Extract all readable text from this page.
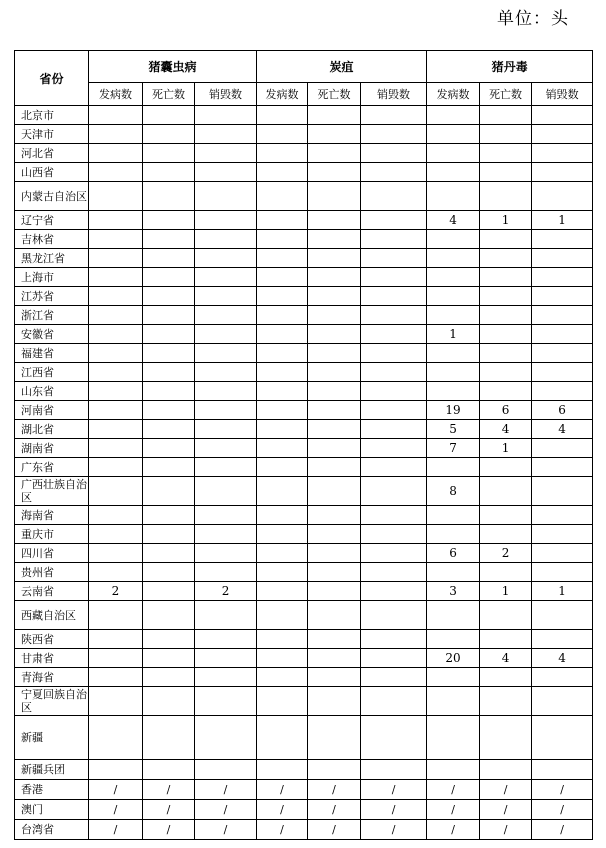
单位：头
省份	猪囊虫病			炭疽			猪丹毒		
	发病数	死亡数	销毁数	发病数	死亡数	销毁数	发病数	死亡数	销毁数
北京市									
天津市									
河北省									
山西省									
内蒙古自治区									
辽宁省							4	1	1
吉林省									
黑龙江省									
上海市									
江苏省									
浙江省									
安徽省							1		
福建省									
江西省									
山东省									
河南省							19	6	6
湖北省							5	4	4
湖南省							7	1	
广东省									
广西壮族自治区							8		
海南省									
重庆市									
四川省							6	2	
贵州省									
云南省	2		2				3	1	1
西藏自治区									
陕西省									
甘肃省							20	4	4
青海省									
宁夏回族自治区									
新疆									
新疆兵团									
香港	/	/	/	/	/	/	/	/	/
澳门	/	/	/	/	/	/	/	/	/
台湾省	/	/	/	/	/	/	/	/	/
